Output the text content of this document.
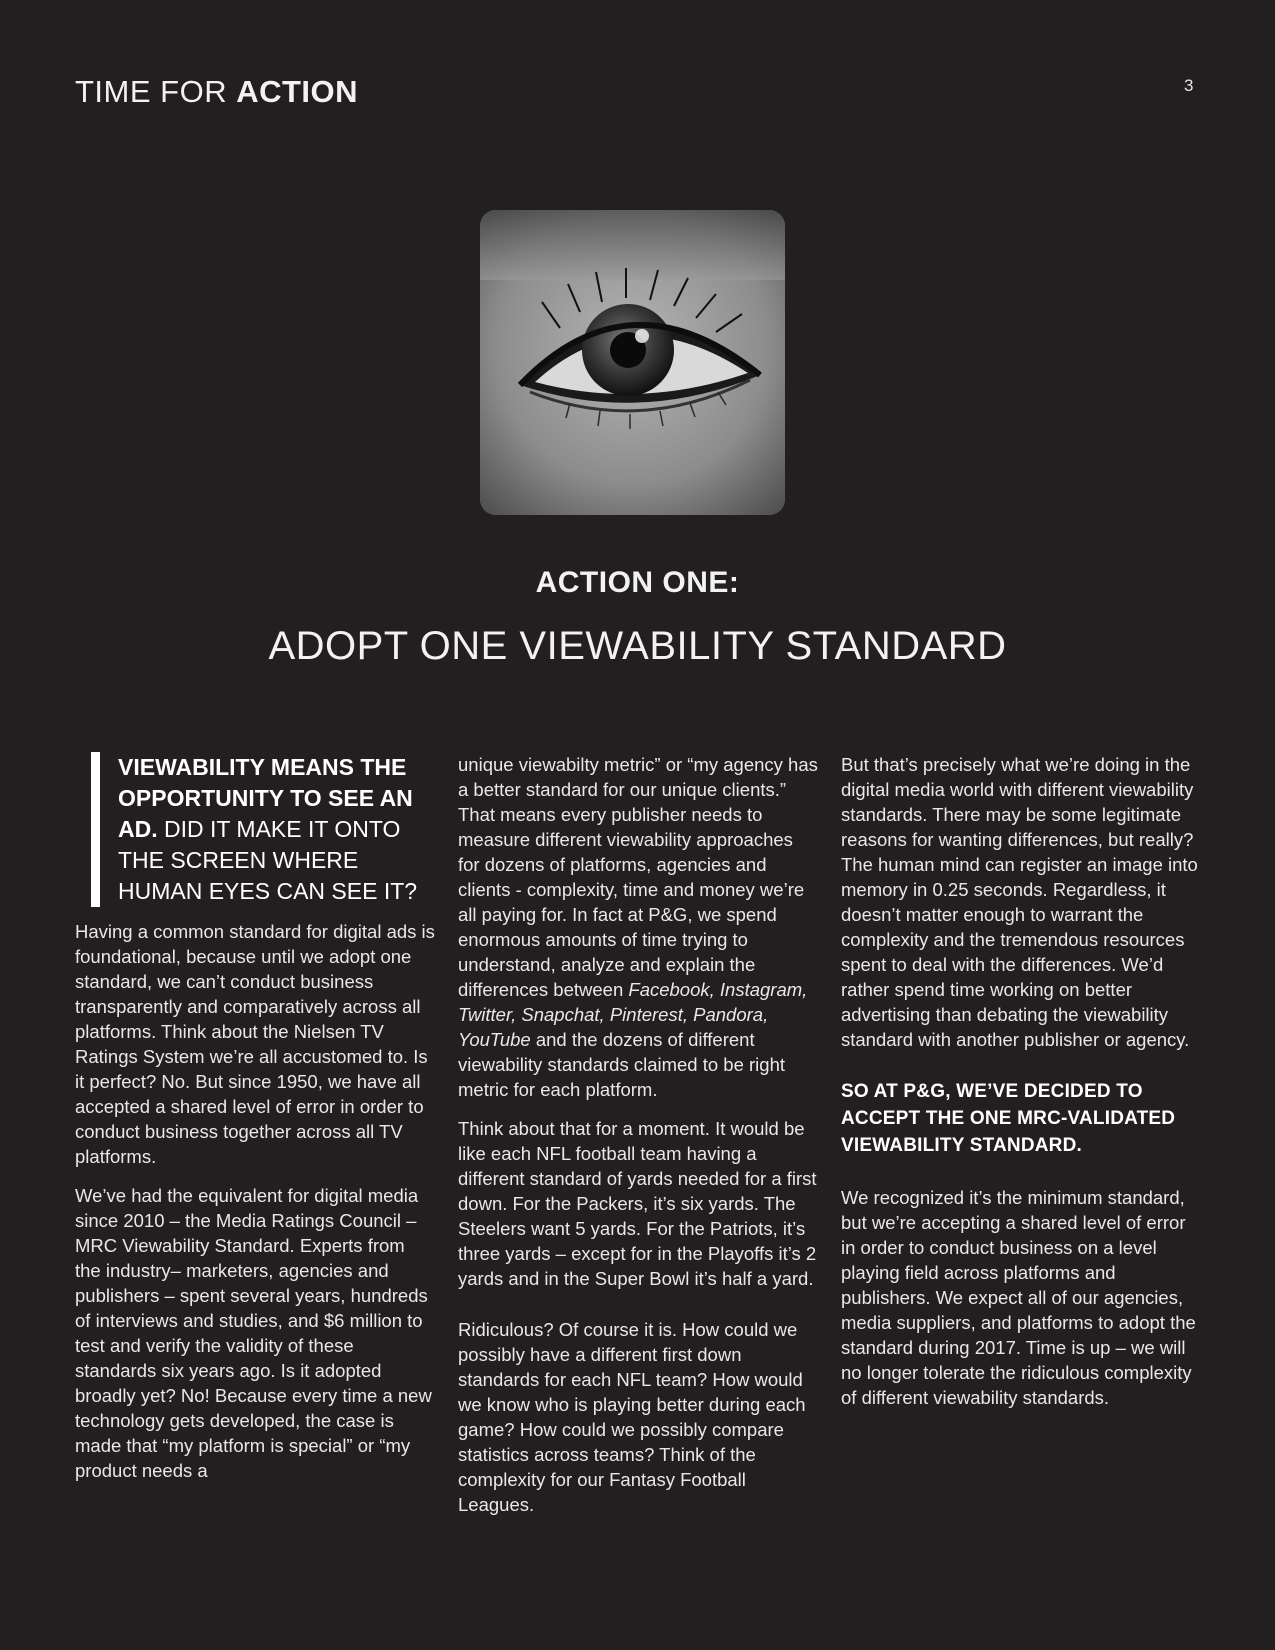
TIME FOR ACTION	3
ACTION ONE:
ADOPT ONE VIEWABILITY STANDARD
VIEWABILITY MEANS THE OPPORTUNITY TO SEE AN AD. DID IT MAKE IT ONTO THE SCREEN WHERE HUMAN EYES CAN SEE IT?

Having a common standard for digital ads is foundational, because until we adopt one standard, we can’t conduct business transparently and comparatively across all platforms. Think about the Nielsen TV Ratings System we’re all accustomed to. Is it perfect? No. But since 1950, we have all accepted a shared level of error in order to conduct business together across all TV platforms.

We’ve had the equivalent for digital media since 2010 – the Media Ratings Council – MRC Viewability Standard. Experts from the industry– marketers, agencies and publishers – spent several years, hundreds of interviews and studies, and $6 million to test and verify the validity of these standards six years ago. Is it adopted broadly yet? No! Because every time a new technology gets developed, the case is made that “my platform is special” or “my product needs a

unique viewabilty metric” or “my agency has a better standard for our unique clients.” That means every publisher needs to measure different viewability approaches for dozens of platforms, agencies and clients - complexity, time and money we’re all paying for. In fact at P&G, we spend enormous amounts of time trying to understand, analyze and explain the differences between Facebook, Instagram, Twitter, Snapchat, Pinterest, Pandora, YouTube and the dozens of different viewability standards claimed to be right metric for each platform.

Think about that for a moment. It would be like each NFL football team having a different standard of yards needed for a first down. For the Packers, it’s six yards. The Steelers want 5 yards. For the Patriots, it’s three yards – except for in the Playoffs it’s 2 yards and in the Super Bowl it’s half a yard.

Ridiculous? Of course it is. How could we possibly have a different first down standards for each NFL team? How would we know who is playing better during each game? How could we possibly compare statistics across teams? Think of the complexity for our Fantasy Football Leagues.

But that’s precisely what we’re doing in the digital media world with different viewability standards. There may be some legitimate reasons for wanting differences, but really? The human mind can register an image into memory in 0.25 seconds. Regardless, it doesn’t matter enough to warrant the complexity and the tremendous resources spent to deal with the differences. We’d rather spend time working on better advertising than debating the viewability standard with another publisher or agency.

SO AT P&G, WE’VE DECIDED TO ACCEPT THE ONE MRC-VALIDATED VIEWABILITY STANDARD.

We recognized it’s the minimum standard, but we’re accepting a shared level of error in order to conduct business on a level playing field across platforms and publishers. We expect all of our agencies, media suppliers, and platforms to adopt the standard during 2017. Time is up – we will no longer tolerate the ridiculous complexity of different viewability standards.
